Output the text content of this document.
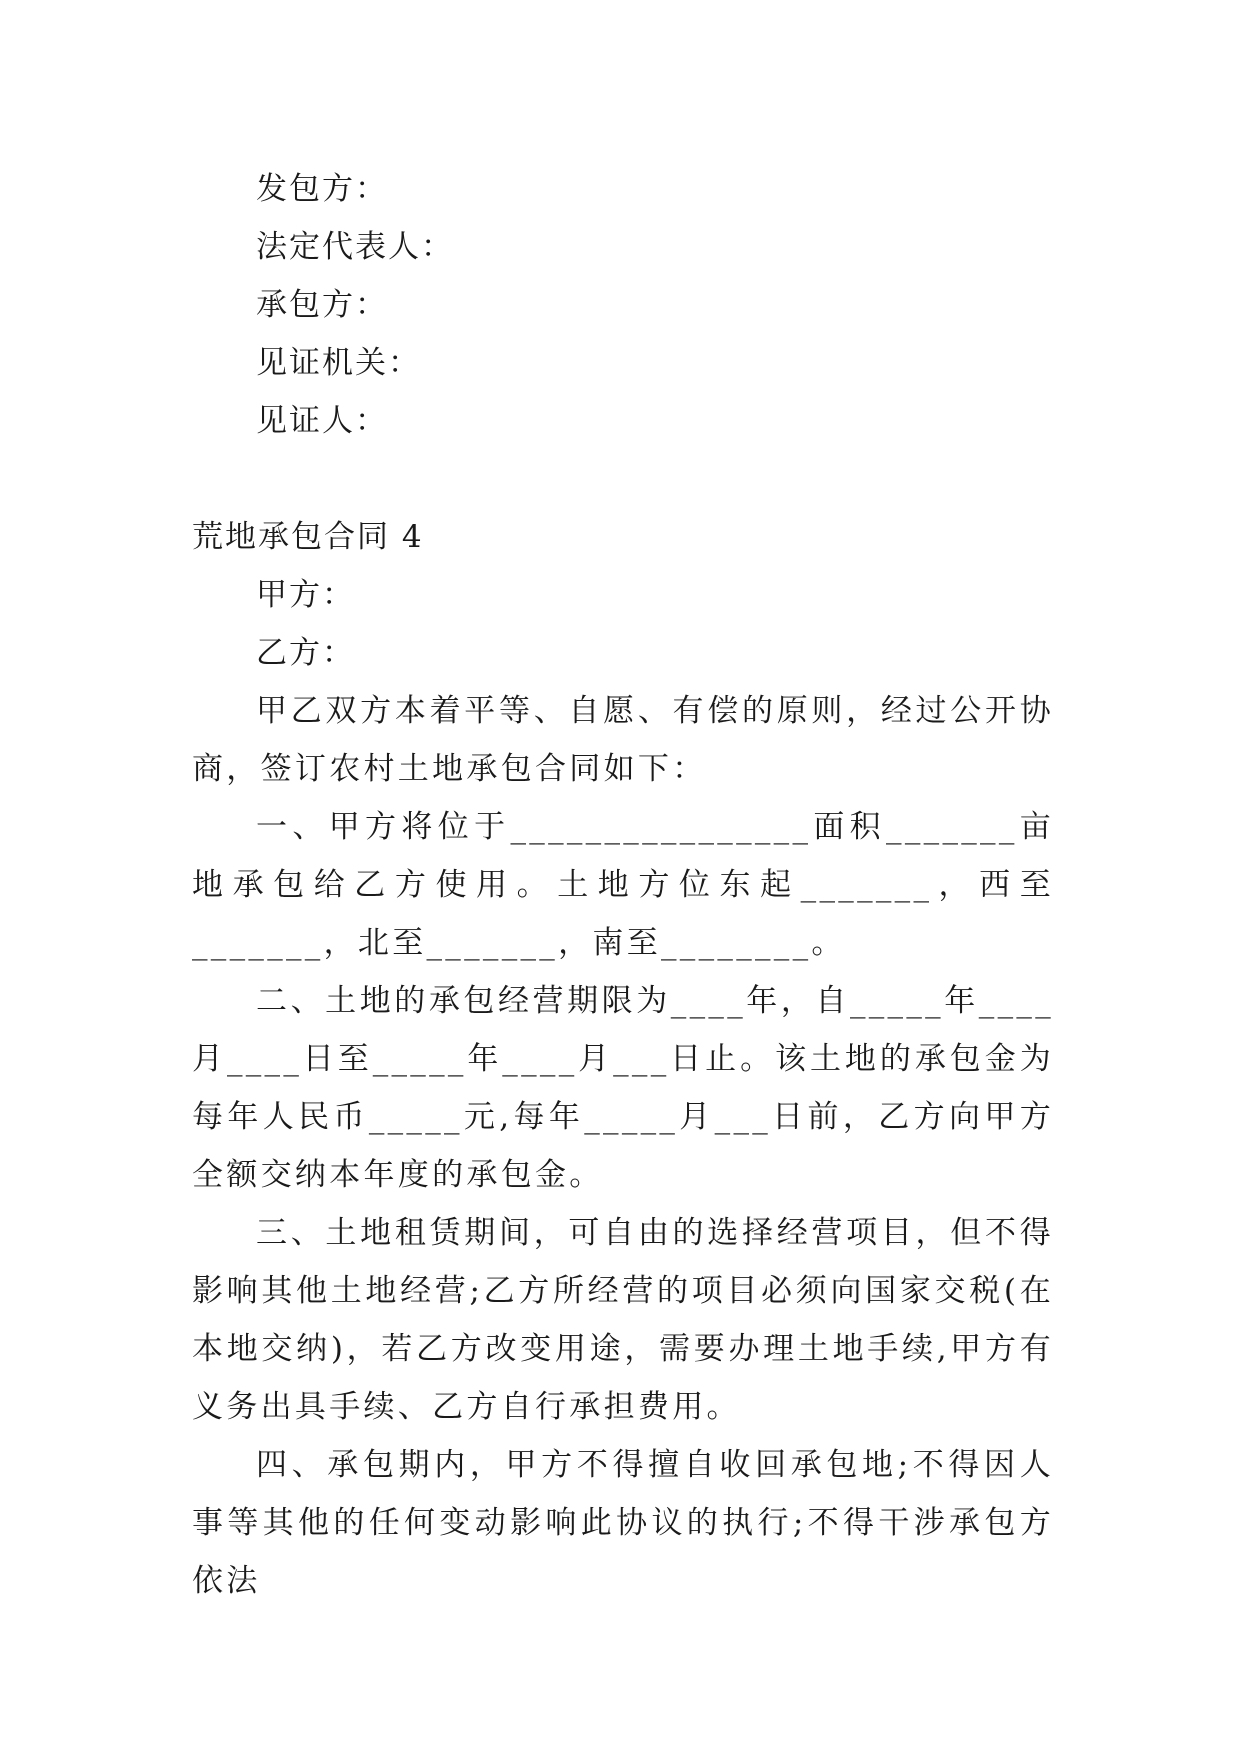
发包方：
法定代表人：
承包方：
见证机关：
见证人：
荒地承包合同 4
甲方：
乙方：

甲乙双方本着平等、自愿、有偿的原则，经过公开协商，签订农村土地承包合同如下：

一、甲方将位于________________面积_______亩地承包给乙方使用。土地方位东起_______，西至_______，北至_______，南至________。

二、土地的承包经营期限为____年，自_____年____月____日至_____年____月___日止。该土地的承包金为每年人民币_____元,每年_____月___日前，乙方向甲方全额交纳本年度的承包金。

三、土地租赁期间，可自由的选择经营项目，但不得影响其他土地经营;乙方所经营的项目必须向国家交税(在本地交纳)，若乙方改变用途，需要办理土地手续,甲方有义务出具手续、乙方自行承担费用。

四、承包期内，甲方不得擅自收回承包地;不得因人事等其他的任何变动影响此协议的执行;不得干涉承包方依法
